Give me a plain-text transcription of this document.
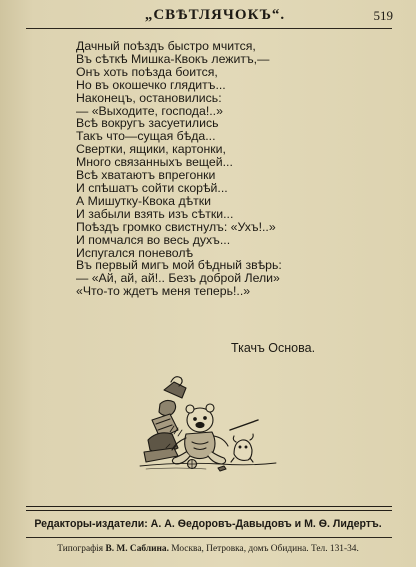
„СВѢТЛЯЧОКЪ“.	519
Дачный поѣздъ быстро мчится,
Въ сѣткѣ Мишка-Квокъ лежитъ,—
Онъ хоть поѣзда боится,
Но въ окошечко глядитъ...
Наконецъ, остановились:
— «Выходите, господа!..»
Всѣ вокругъ засуетились
Такъ что—сущая бѣда...
Свертки, ящики, картонки,
Много связанныхъ вещей...
Всѣ хватаютъ впрегонки
И спѣшатъ сойти скорѣй...
А Мишутку-Квока дѣтки
И забыли взять изъ сѣтки...
Поѣздъ громко свистнулъ: «Ухъ!..»
И помчался во весь духъ...
Испугался поневолѣ
Въ первый мигъ мой бѣдный звѣрь:
— «Ай, ай, ай!.. Безъ доброй Лели»
«Что-то ждетъ меня теперь!..»
Ткачъ Основа.
Редакторы-издатели: А. А. Ѳедоровъ-Давыдовъ и М. Ѳ. Лидертъ.
Типографія В. М. Саблина. Москва, Петровка, домъ Обидина. Тел. 131-34.
